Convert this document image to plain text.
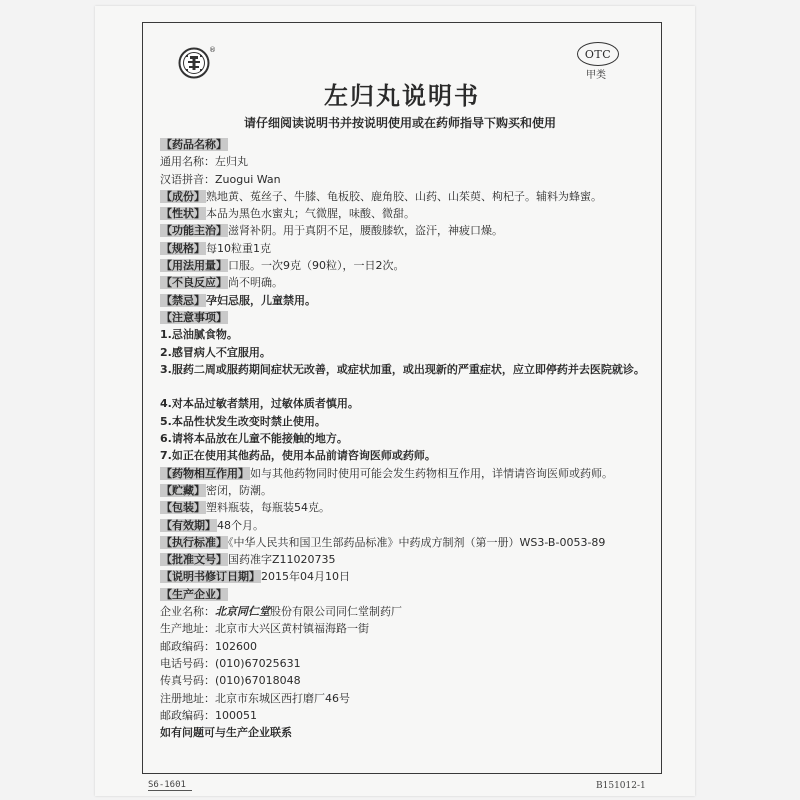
®	OTC
甲类
左归丸说明书
请仔细阅读说明书并按说明使用或在药师指导下购买和使用
【药品名称】
通用名称：左归丸
汉语拼音：Zuogui Wan
【成份】熟地黄、菟丝子、牛膝、龟板胶、鹿角胶、山药、山茱萸、枸杞子。辅料为蜂蜜。
【性状】本品为黑色水蜜丸；气微腥，味酸、微甜。
【功能主治】滋肾补阴。用于真阴不足，腰酸膝软，盗汗，神疲口燥。
【规格】每10粒重1克
【用法用量】口服。一次9克（90粒），一日2次。
【不良反应】尚不明确。
【禁忌】孕妇忌服，儿童禁用。
【注意事项】
1.忌油腻食物。
2.感冒病人不宜服用。
3.服药二周或服药期间症状无改善，或症状加重，或出现新的严重症状，应立即停药并去医院就诊。
4.对本品过敏者禁用，过敏体质者慎用。
5.本品性状发生改变时禁止使用。
6.请将本品放在儿童不能接触的地方。
7.如正在使用其他药品，使用本品前请咨询医师或药师。
【药物相互作用】如与其他药物同时使用可能会发生药物相互作用，详情请咨询医师或药师。
【贮藏】密闭，防潮。
【包装】塑料瓶装，每瓶装54克。
【有效期】48个月。
【执行标准】《中华人民共和国卫生部药品标准》中药成方制剂（第一册）WS3-B-0053-89
【批准文号】国药准字Z11020735
【说明书修订日期】2015年04月10日
【生产企业】
企业名称：北京同仁堂股份有限公司同仁堂制药厂
生产地址：北京市大兴区黄村镇福海路一街
邮政编码：102600
电话号码：(010)67025631
传真号码：(010)67018048
注册地址：北京市东城区西打磨厂46号
邮政编码：100051
如有问题可与生产企业联系
S6-1601	B151012-1
